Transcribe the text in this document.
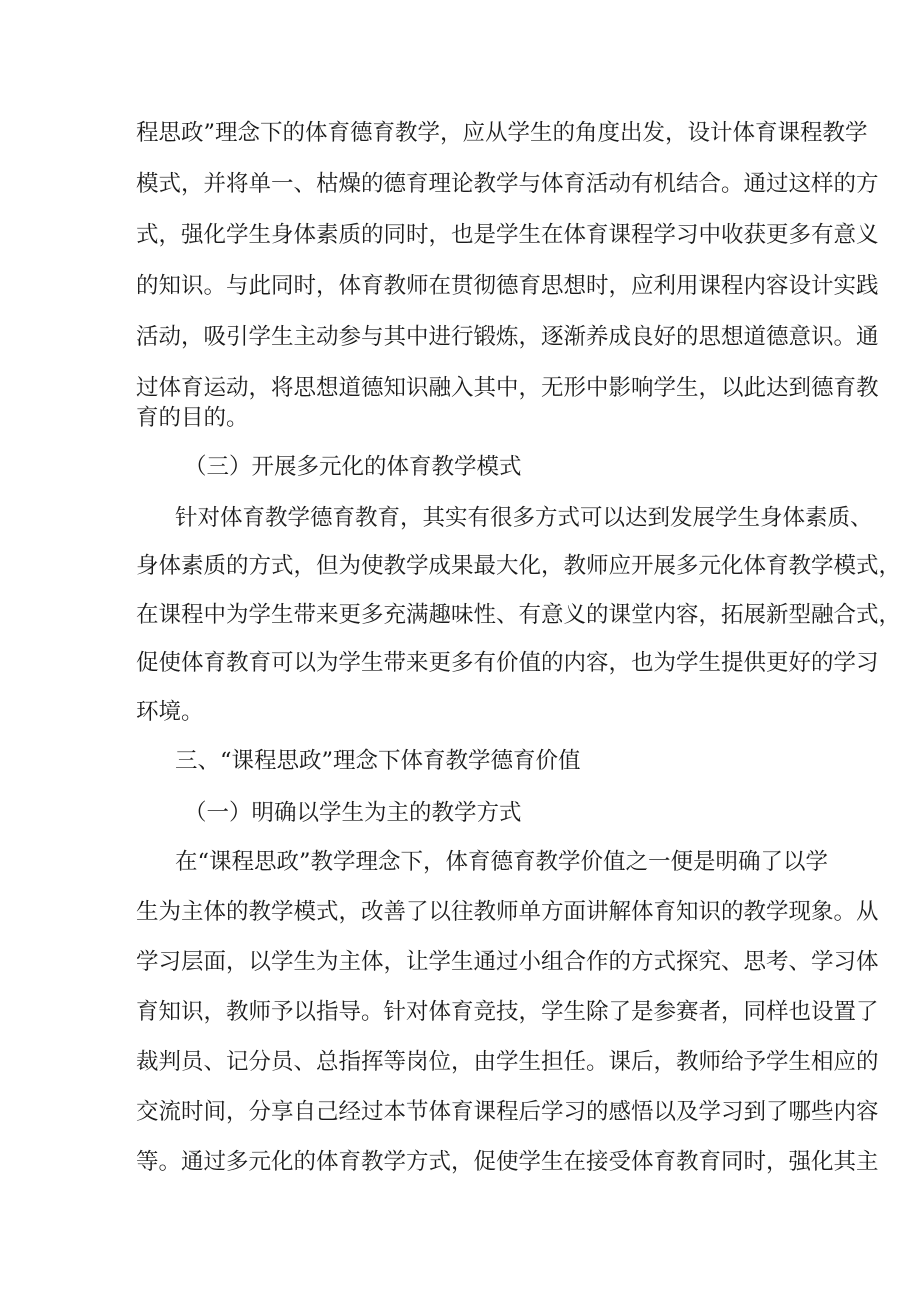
程思政”理念下的体育德育教学，应从学生的角度出发，设计体育课程教学
模式，并将单一、枯燥的德育理论教学与体育活动有机结合。通过这样的方
式，强化学生身体素质的同时，也是学生在体育课程学习中收获更多有意义
的知识。与此同时，体育教师在贯彻德育思想时，应利用课程内容设计实践
活动，吸引学生主动参与其中进行锻炼，逐渐养成良好的思想道德意识。通
过体育运动，将思想道德知识融入其中，无形中影响学生，以此达到德育教
育的目的。
（三）开展多元化的体育教学模式
针对体育教学德育教育，其实有很多方式可以达到发展学生身体素质、
身体素质的方式，但为使教学成果最大化，教师应开展多元化体育教学模式，
在课程中为学生带来更多充满趣味性、有意义的课堂内容，拓展新型融合式，
促使体育教育可以为学生带来更多有价值的内容，也为学生提供更好的学习
环境。
三、“课程思政”理念下体育教学德育价值
（一）明确以学生为主的教学方式
在“课程思政”教学理念下，体育德育教学价值之一便是明确了以学
生为主体的教学模式，改善了以往教师单方面讲解体育知识的教学现象。从
学习层面，以学生为主体，让学生通过小组合作的方式探究、思考、学习体
育知识，教师予以指导。针对体育竞技，学生除了是参赛者，同样也设置了
裁判员、记分员、总指挥等岗位，由学生担任。课后，教师给予学生相应的
交流时间，分享自己经过本节体育课程后学习的感悟以及学习到了哪些内容
等。通过多元化的体育教学方式，促使学生在接受体育教育同时，强化其主
